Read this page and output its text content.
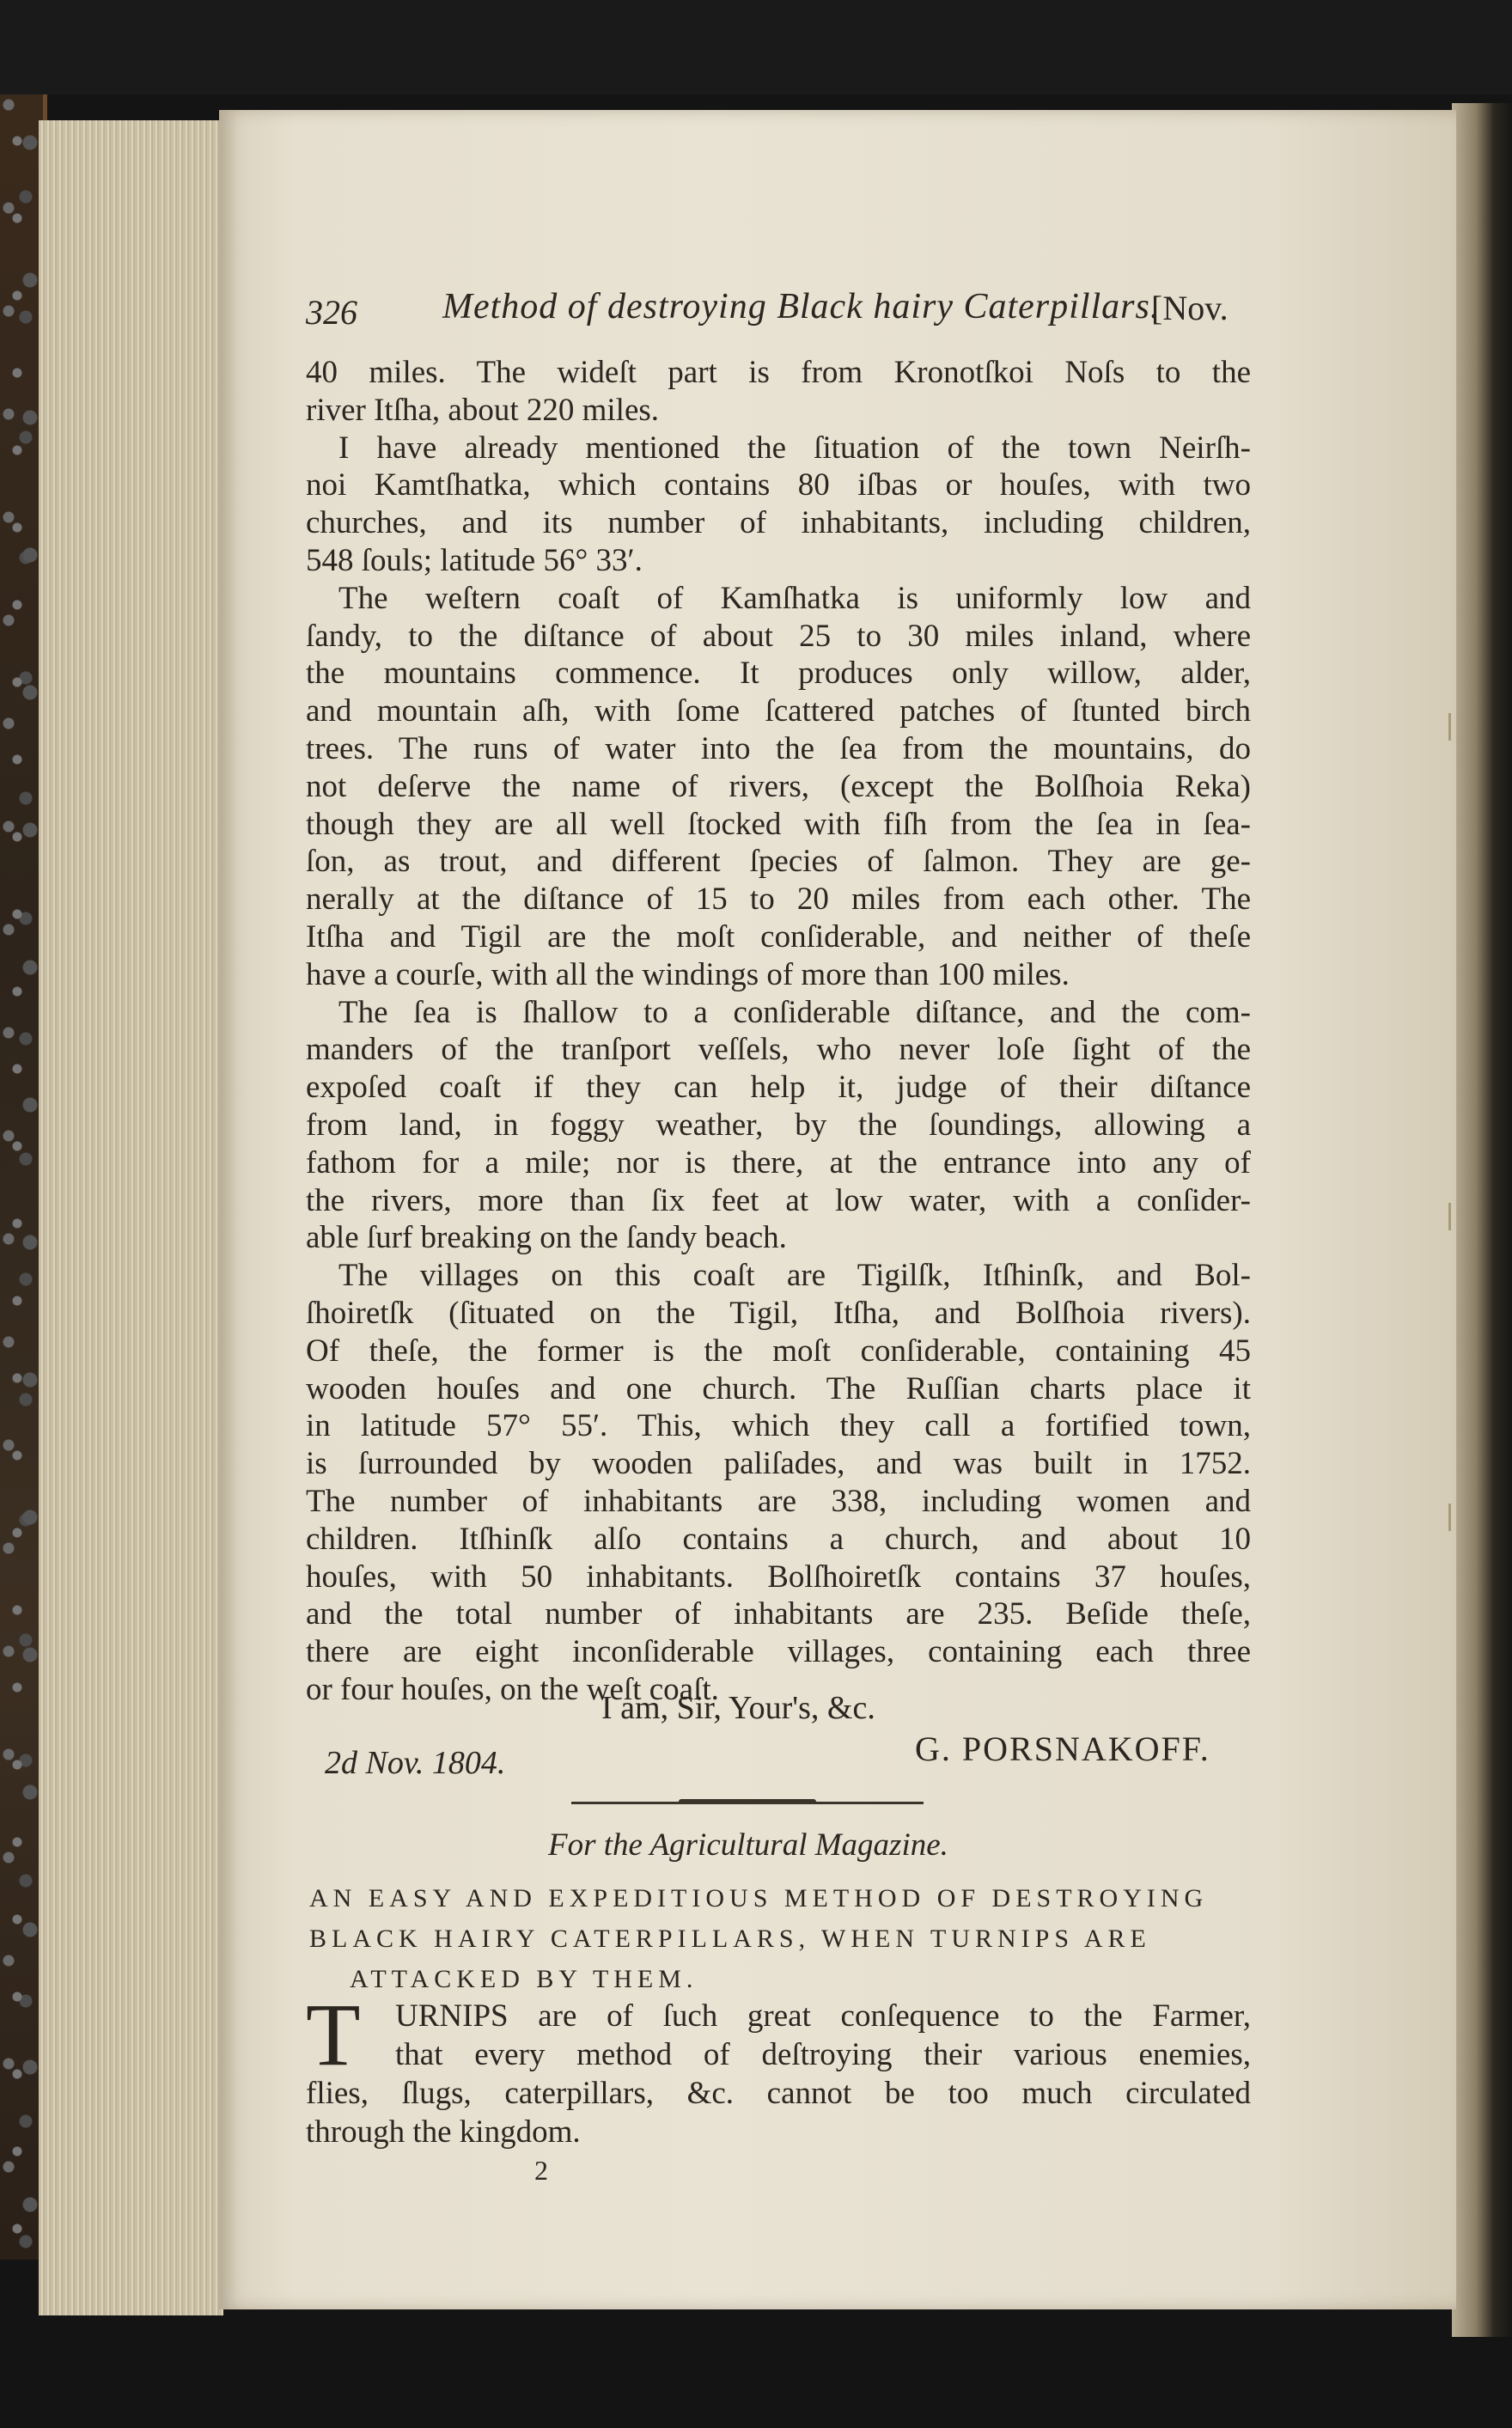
326 Method of destroying Black hairy Caterpillars.
[Nov.
40 miles. The wideſt part is from Kronotſkoi Noſs to the
river Itſha, about 220 miles.
I have already mentioned the ſituation of the town Neirſh-
noi Kamtſhatka, which contains 80 iſbas or houſes, with two
churches, and its number of inhabitants, including children,
548 ſouls; latitude 56° 33′.
The weſtern coaſt of Kamſhatka is uniformly low and
ſandy, to the diſtance of about 25 to 30 miles inland, where
the mountains commence. It produces only willow, alder,
and mountain aſh, with ſome ſcattered patches of ſtunted birch
trees. The runs of water into the ſea from the mountains, do
not deſerve the name of rivers, (except the Bolſhoia Reka)
though they are all well ſtocked with fiſh from the ſea in ſea-
ſon, as trout, and different ſpecies of ſalmon. They are ge-
nerally at the diſtance of 15 to 20 miles from each other. The
Itſha and Tigil are the moſt conſiderable, and neither of theſe
have a courſe, with all the windings of more than 100 miles.
The ſea is ſhallow to a conſiderable diſtance, and the com-
manders of the tranſport veſſels, who never loſe ſight of the
expoſed coaſt if they can help it, judge of their diſtance
from land, in foggy weather, by the ſoundings, allowing a
fathom for a mile; nor is there, at the entrance into any of
the rivers, more than ſix feet at low water, with a conſider-
able ſurf breaking on the ſandy beach.
The villages on this coaſt are Tigilſk, Itſhinſk, and Bol-
ſhoiretſk (ſituated on the Tigil, Itſha, and Bolſhoia rivers).
Of theſe, the former is the moſt conſiderable, containing 45
wooden houſes and one church. The Ruſſian charts place it
in latitude 57° 55′. This, which they call a fortified town,
is ſurrounded by wooden paliſades, and was built in 1752.
The number of inhabitants are 338, including women and
children. Itſhinſk alſo contains a church, and about 10
houſes, with 50 inhabitants. Bolſhoiretſk contains 37 houſes,
and the total number of inhabitants are 235. Beſide theſe,
there are eight inconſiderable villages, containing each three
or four houſes, on the weſt coaſt.
I am, Sir, Your's, &c.
2d Nov. 1804.	G. PORSNAKOFF.
For the Agricultural Magazine.
AN EASY AND EXPEDITIOUS METHOD OF DESTROYING
BLACK HAIRY CATERPILLARS, WHEN TURNIPS ARE
ATTACKED BY THEM.
T URNIPS are of ſuch great conſequence to the Farmer,
that every method of deſtroying their various enemies,
flies, ſlugs, caterpillars, &c. cannot be too much circulated
through the kingdom.
2
